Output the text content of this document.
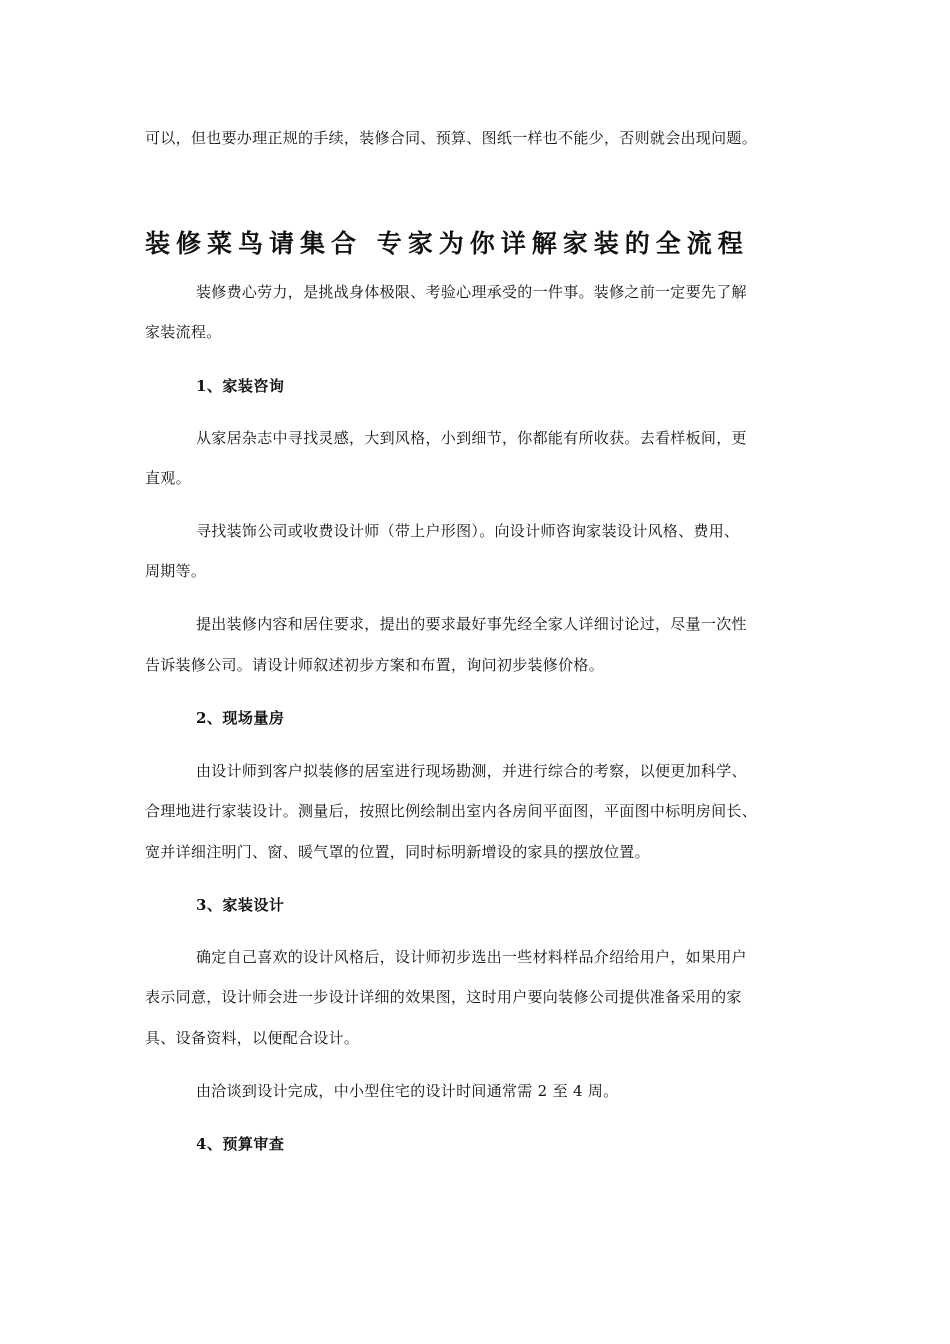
可以，但也要办理正规的手续，装修合同、预算、图纸一样也不能少，否则就会出现问题。
装修菜鸟请集合 专家为你详解家装的全流程
装修费心劳力，是挑战身体极限、考验心理承受的一件事。装修之前一定要先了解
家装流程。
1、家装咨询
从家居杂志中寻找灵感，大到风格，小到细节，你都能有所收获。去看样板间，更
直观。
寻找装饰公司或收费设计师（带上户形图）。向设计师咨询家装设计风格、费用、
周期等。
提出装修内容和居住要求，提出的要求最好事先经全家人详细讨论过，尽量一次性
告诉装修公司。请设计师叙述初步方案和布置，询问初步装修价格。
2、现场量房
由设计师到客户拟装修的居室进行现场勘测，并进行综合的考察，以便更加科学、
合理地进行家装设计。测量后，按照比例绘制出室内各房间平面图，平面图中标明房间长、
宽并详细注明门、窗、暖气罩的位置，同时标明新增设的家具的摆放位置。
3、家装设计
确定自己喜欢的设计风格后，设计师初步选出一些材料样品介绍给用户，如果用户
表示同意，设计师会进一步设计详细的效果图，这时用户要向装修公司提供准备采用的家
具、设备资料，以便配合设计。
由洽谈到设计完成，中小型住宅的设计时间通常需 2 至 4 周。
4、预算审查
